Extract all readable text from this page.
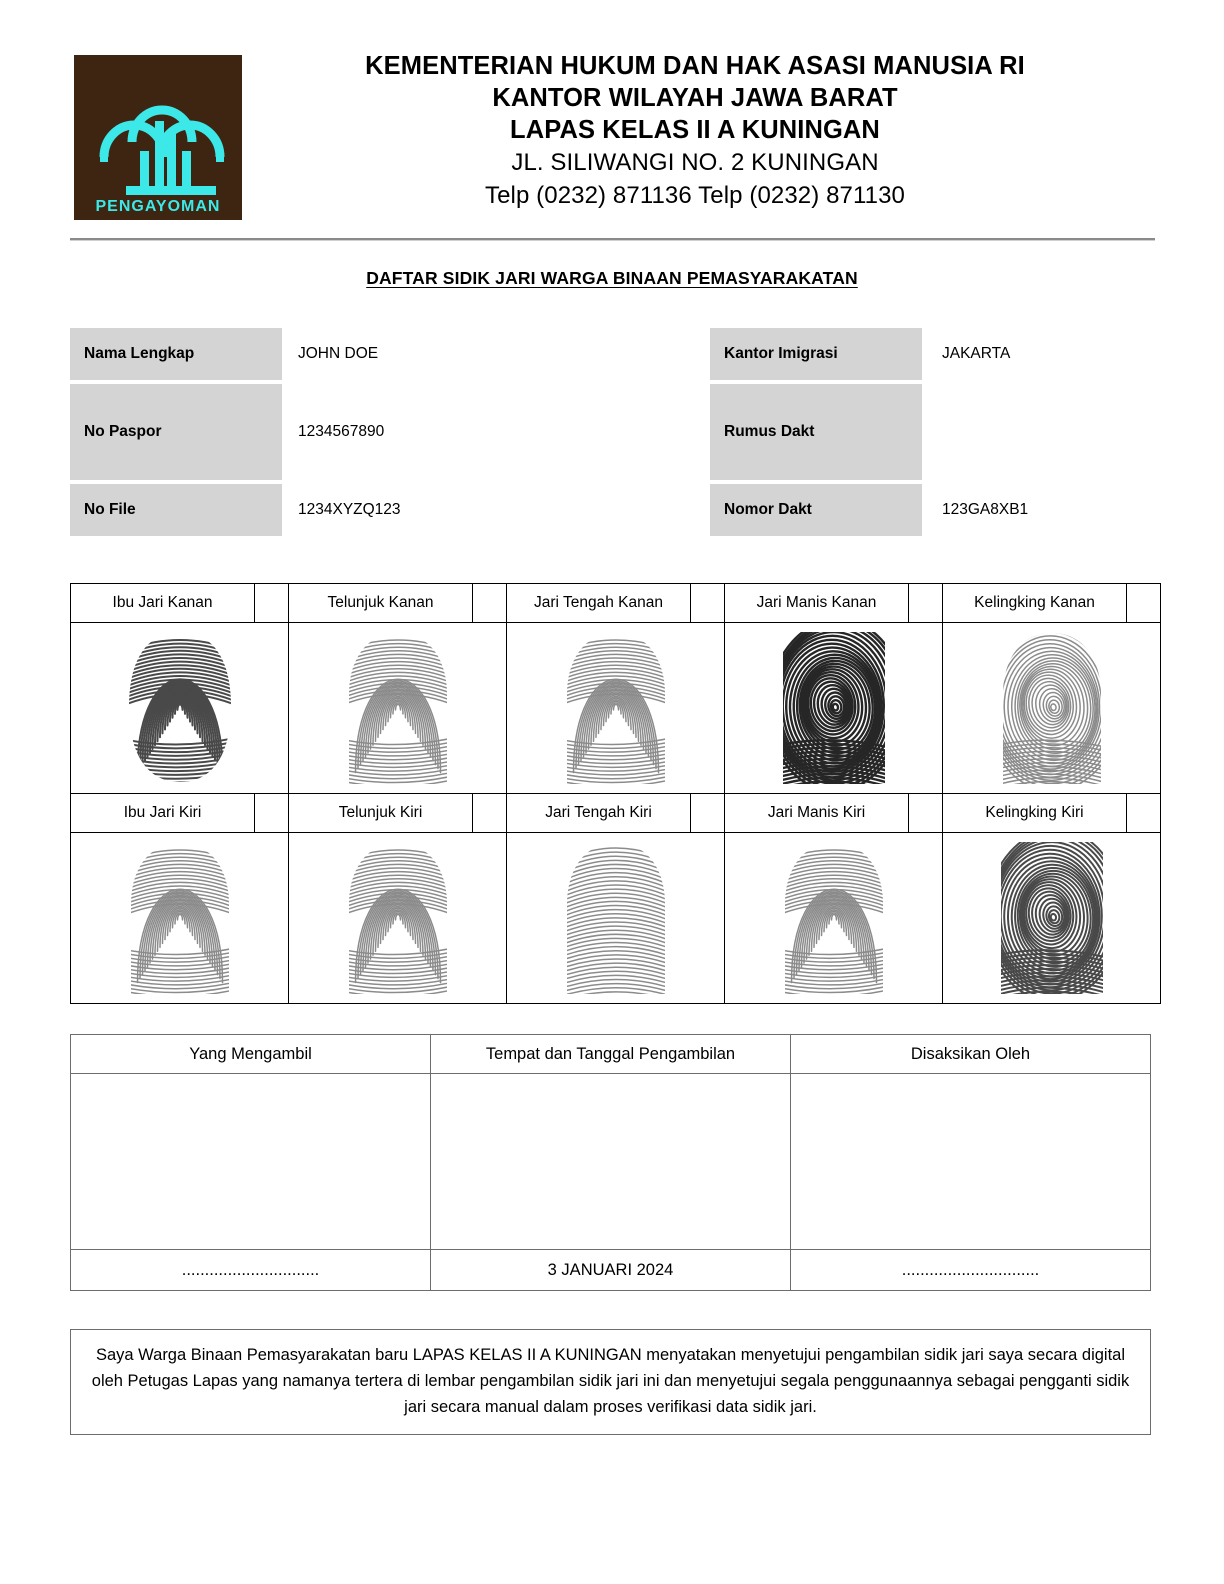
PENGAYOMAN
KEMENTERIAN HUKUM DAN HAK ASASI MANUSIA RI
KANTOR WILAYAH JAWA BARAT
LAPAS KELAS II A KUNINGAN
JL. SILIWANGI NO. 2 KUNINGAN
Telp (0232) 871136 Telp (0232) 871130
DAFTAR SIDIK JARI WARGA BINAAN PEMASYARAKATAN
Nama Lengkap	JOHN DOE
No Paspor	1234567890
No File	1234XYZQ123
Kantor Imigrasi	JAKARTA
Rumus Dakt
Nomor Dakt	123GA8XB1
Ibu Jari Kanan		Telunjuk Kanan		Jari Tengah Kanan		Jari Manis Kanan		Kelingking Kanan	

Ibu Jari Kiri		Telunjuk Kiri		Jari Tengah Kiri		Jari Manis Kiri		Kelingking Kiri	

Yang Mengambil	Tempat dan Tanggal Pengambilan	Disaksikan Oleh

..............................	3 JANUARI 2024	..............................
Saya Warga Binaan Pemasyarakatan baru LAPAS KELAS II A KUNINGAN menyatakan menyetujui pengambilan sidik jari saya secara digital oleh Petugas Lapas yang namanya tertera di lembar pengambilan sidik jari ini dan menyetujui segala penggunaannya sebagai pengganti sidik jari secara manual dalam proses verifikasi data sidik jari.
